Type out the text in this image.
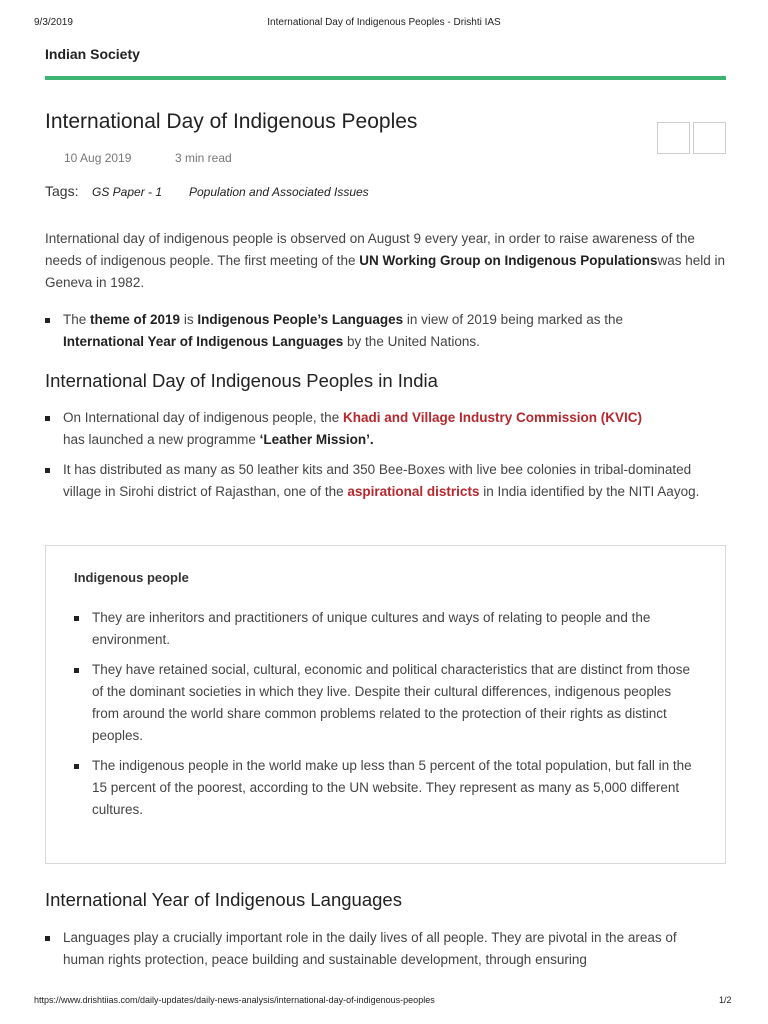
9/3/2019	International Day of Indigenous Peoples - Drishti IAS
Indian Society
International Day of Indigenous Peoples
10 Aug 2019	3 min read
Tags: GS Paper - 1 Population and Associated Issues

International day of indigenous people is observed on August 9 every year, in order to raise awareness of the needs of indigenous people. The first meeting of the UN Working Group on Indigenous Populationswas held in Geneva in 1982.

The theme of 2019 is Indigenous People’s Languages in view of 2019 being marked as the International Year of Indigenous Languages by the United Nations.
International Day of Indigenous Peoples in India
On International day of indigenous people, the Khadi and Village Industry Commission (KVIC) has launched a new programme ‘Leather Mission’.
It has distributed as many as 50 leather kits and 350 Bee-Boxes with live bee colonies in tribal-dominated village in Sirohi district of Rajasthan, one of the aspirational districts in India identified by the NITI Aayog.
Indigenous people
They are inheritors and practitioners of unique cultures and ways of relating to people and the environment.
They have retained social, cultural, economic and political characteristics that are distinct from those of the dominant societies in which they live. Despite their cultural differences, indigenous peoples from around the world share common problems related to the protection of their rights as distinct peoples.
The indigenous people in the world make up less than 5 percent of the total population, but fall in the 15 percent of the poorest, according to the UN website. They represent as many as 5,000 different cultures.
International Year of Indigenous Languages
Languages play a crucially important role in the daily lives of all people. They are pivotal in the areas of human rights protection, peace building and sustainable development, through ensuring
https://www.drishtiias.com/daily-updates/daily-news-analysis/international-day-of-indigenous-peoples	1/2
